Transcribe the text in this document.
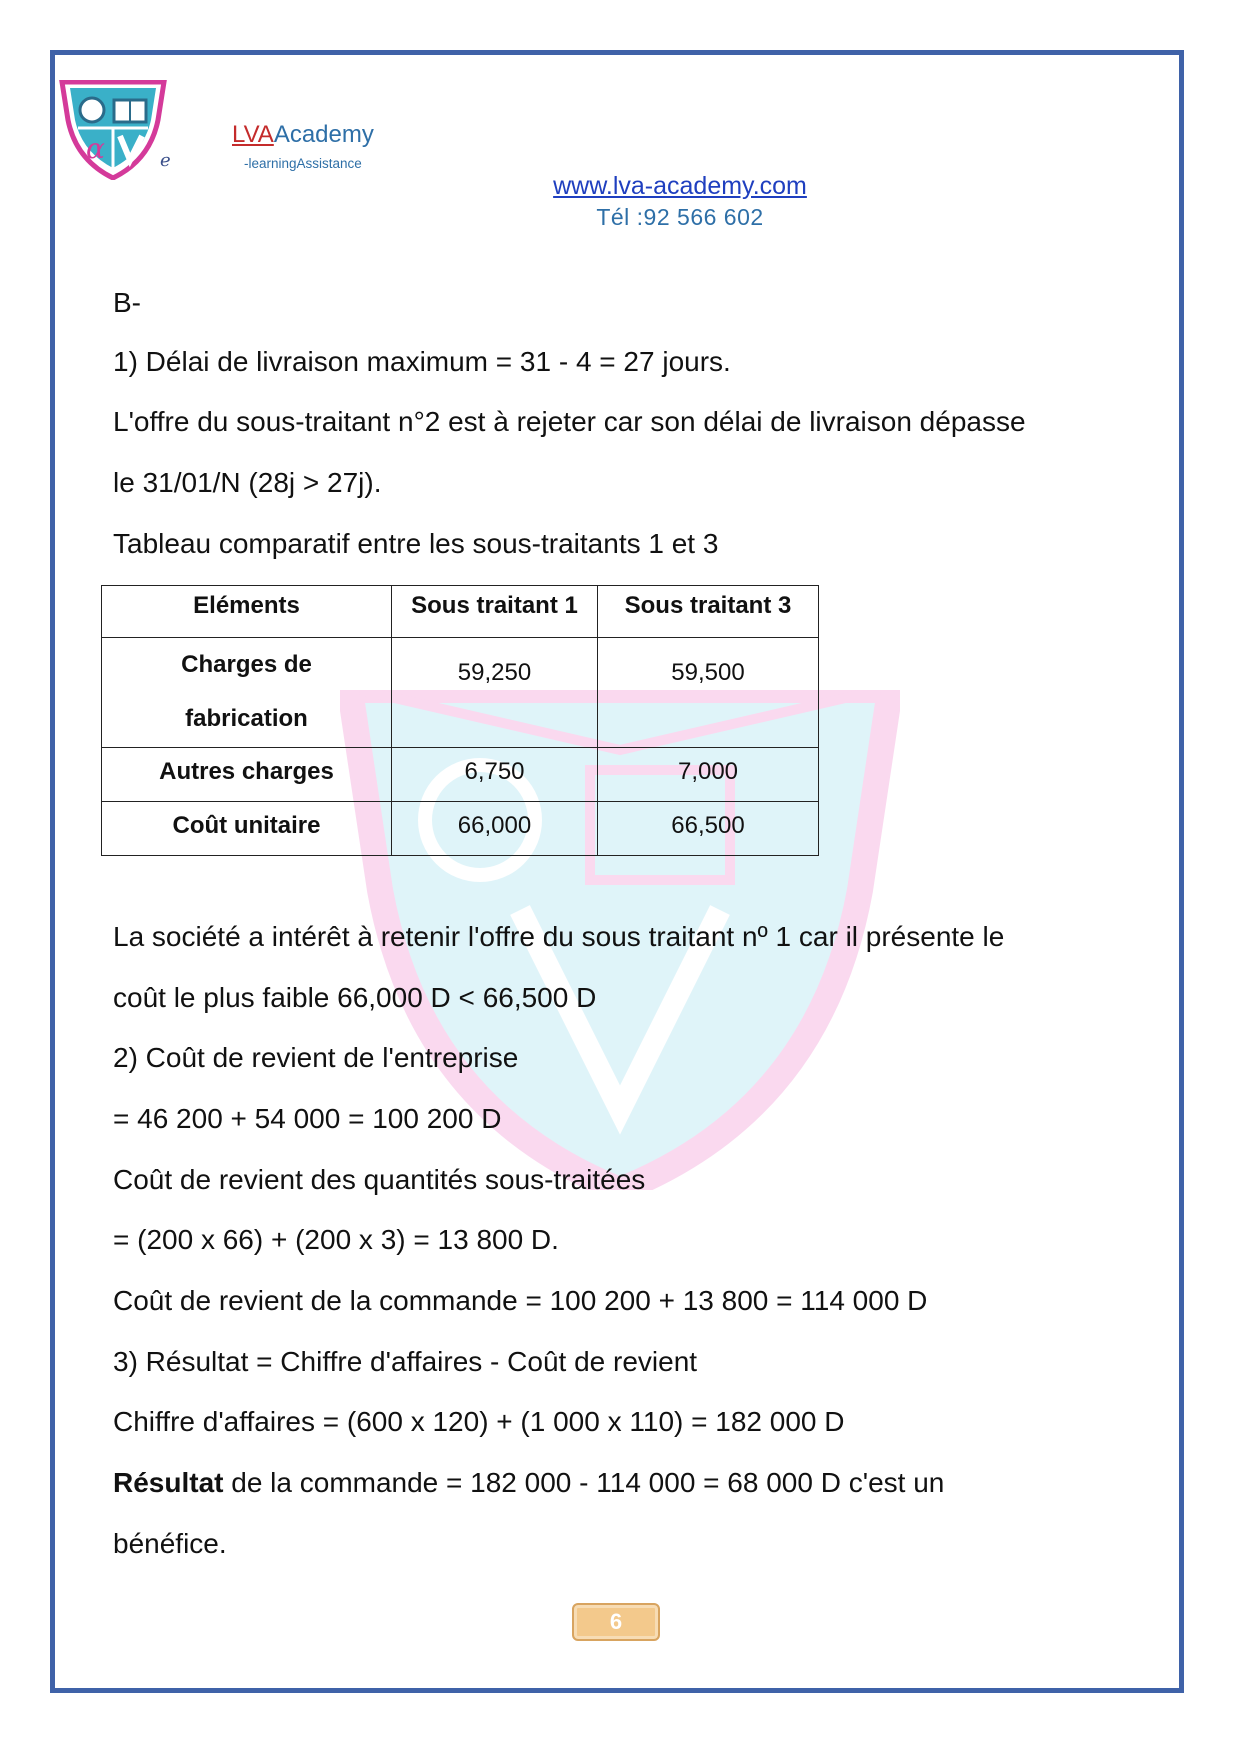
α	e
LVAAcademy
-learningAssistance
www.lva-academy.com
Tél :92 566 602
B-
1) Délai de livraison maximum = 31 - 4 = 27 jours.
L'offre du sous-traitant n°2 est à rejeter car son délai de livraison dépasse
le 31/01/N (28j > 27j).
Tableau comparatif entre les sous-traitants 1 et 3
La société a intérêt à retenir l'offre du sous traitant nº 1 car il présente le
coût le plus faible 66,000 D < 66,500 D
2) Coût de revient de l'entreprise
= 46 200 + 54 000 = 100 200 D
Coût de revient des quantités sous-traitées
= (200 x 66) + (200 x 3) = 13 800 D.
Coût de revient de la commande = 100 200 + 13 800 = 114 000 D
3) Résultat = Chiffre d'affaires - Coût de revient
Chiffre d'affaires = (600 x 120) + (1 000 x 110) = 182 000 D
Résultat de la commande = 182 000 - 114 000 = 68 000 D c'est un
bénéfice.
Eléments	Sous traitant 1	Sous traitant 3
Charges de
fabrication	59,250	59,500
Autres charges	6,750	7,000
Coût unitaire	66,000	66,500
6
